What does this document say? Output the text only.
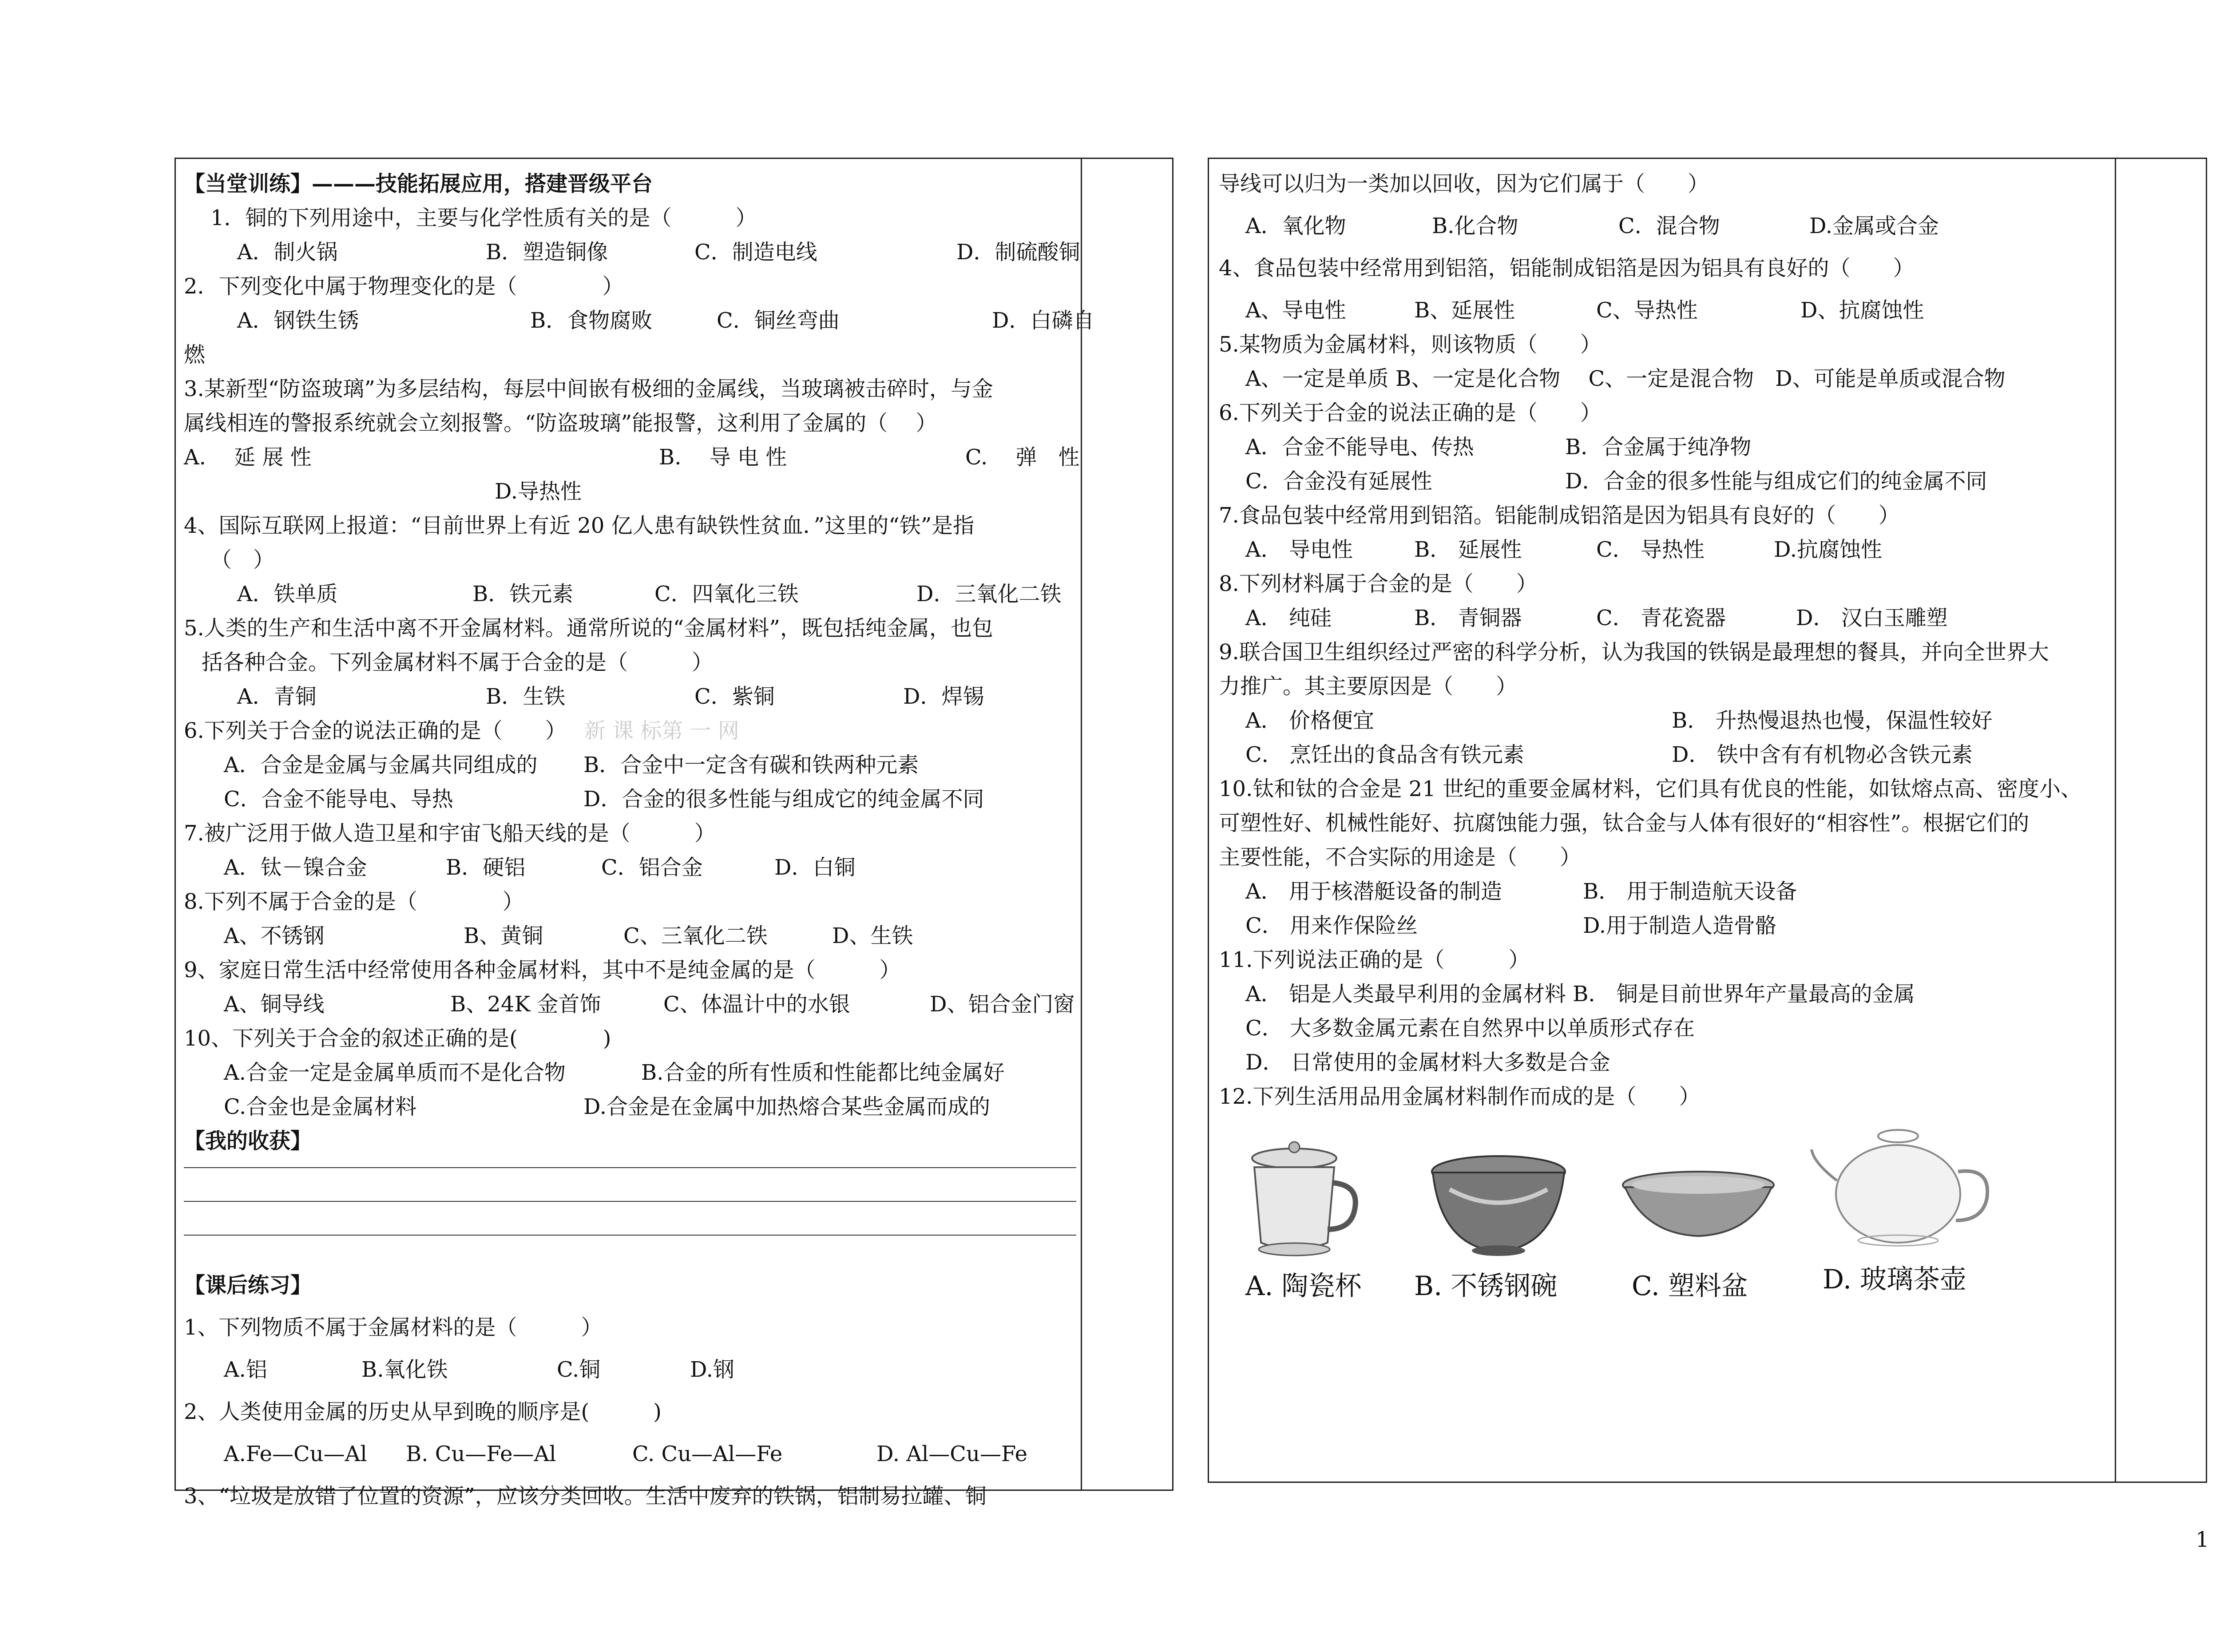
【当堂训练】———技能拓展应用，搭建晋级平台
1．铜的下列用途中，主要与化学性质有关的是（　　　）
A．制火锅	B．塑造铜像	C．制造电线	D．制硫酸铜
2．下列变化中属于物理变化的是（　　　　）
A．钢铁生锈	B．食物腐败	C．铜丝弯曲	D．白磷自
燃
3.某新型“防盗玻璃”为多层结构，每层中间嵌有极细的金属线，当玻璃被击碎时，与金
属线相连的警报系统就会立刻报警。“防盗玻璃”能报警，这利用了金属的（　 ）
A.　 延 展 性	B.　 导 电 性	C.　 弹　性
D.导热性
4、国际互联网上报道：“目前世界上有近 20 亿人患有缺铁性贫血．”这里的“铁”是指
（　）
A．铁单质	B．铁元素	C．四氧化三铁	D．三氧化二铁
5.人类的生产和生活中离不开金属材料。通常所说的“金属材料”，既包括纯金属，也包
括各种合金。下列金属材料不属于合金的是（　　　）
A．青铜	B．生铁	C．紫铜	D．焊锡
6.下列关于合金的说法正确的是（　　） 新 课 标第 一 网
A．合金是金属与金属共同组成的 B．合金中一定含有碳和铁两种元素
C．合金不能导电、导热	D．合金的很多性能与组成它的纯金属不同
7.被广泛用于做人造卫星和宇宙飞船天线的是（　　　）
A．钛－镍合金	B．硬铝	C．铝合金	D．白铜
8.下列不属于合金的是（　　　　）
A、不锈钢	B、黄铜	C、三氧化二铁	D、生铁
9、家庭日常生活中经常使用各种金属材料，其中不是纯金属的是（　　　）
A、铜导线	B、24K 金首饰	C、体温计中的水银	D、铝合金门窗
10、下列关于合金的叙述正确的是(　　　　)
A.合金一定是金属单质而不是化合物	B.合金的所有性质和性能都比纯金属好
C.合金也是金属材料	D.合金是在金属中加热熔合某些金属而成的
【我的收获】
【课后练习】
1、下列物质不属于金属材料的是（　　　）
A.铝	B.氧化铁	C.铜	D.钢
2、人类使用金属的历史从早到晚的顺序是(　　　)
A.Fe—Cu—Al B. Cu—Fe—Al	C. Cu—Al—Fe	D. Al—Cu—Fe
3、“垃圾是放错了位置的资源”，应该分类回收。生活中废弃的铁锅，铝制易拉罐、铜
导线可以归为一类加以回收，因为它们属于（　　）
A．氧化物	B.化合物	C．混合物	D.金属或合金
4、食品包装中经常用到铝箔，铝能制成铝箔是因为铝具有良好的（　　）
A、导电性	B、延展性	C、导热性	D、抗腐蚀性
5.某物质为金属材料，则该物质（　　）
A、一定是单质 B、一定是化合物　 C、一定是混合物　D、可能是单质或混合物
6.下列关于合金的说法正确的是（　　）
A．合金不能导电、传热	B．合金属于纯净物
C．合金没有延展性	D．合金的很多性能与组成它们的纯金属不同
7.食品包装中经常用到铝箔。铝能制成铝箔是因为铝具有良好的（　　）
A． 导电性	B． 延展性	C． 导热性	D.抗腐蚀性
8.下列材料属于合金的是（　　）
A． 纯硅	B． 青铜器	C． 青花瓷器	D． 汉白玉雕塑
9.联合国卫生组织经过严密的科学分析，认为我国的铁锅是最理想的餐具，并向全世界大
力推广。其主要原因是（　　）
A． 价格便宜	B． 升热慢退热也慢，保温性较好
C． 烹饪出的食品含有铁元素	D． 铁中含有有机物必含铁元素
10.钛和钛的合金是 21 世纪的重要金属材料，它们具有优良的性能，如钛熔点高、密度小、
可塑性好、机械性能好、抗腐蚀能力强，钛合金与人体有很好的“相容性”。根据它们的
主要性能，不合实际的用途是（　　）
A． 用于核潜艇设备的制造	B． 用于制造航天设备
C． 用来作保险丝	D.用于制造人造骨骼
11.下列说法正确的是（　　　）
A． 铝是人类最早利用的金属材料 B． 铜是目前世界年产量最高的金属
C． 大多数金属元素在自然界中以单质形式存在
D． 日常使用的金属材料大多数是合金
12.下列生活用品用金属材料制作而成的是（　　）
A. 陶瓷杯 B. 不锈钢碗	C. 塑料盆	D. 玻璃茶壶
1
